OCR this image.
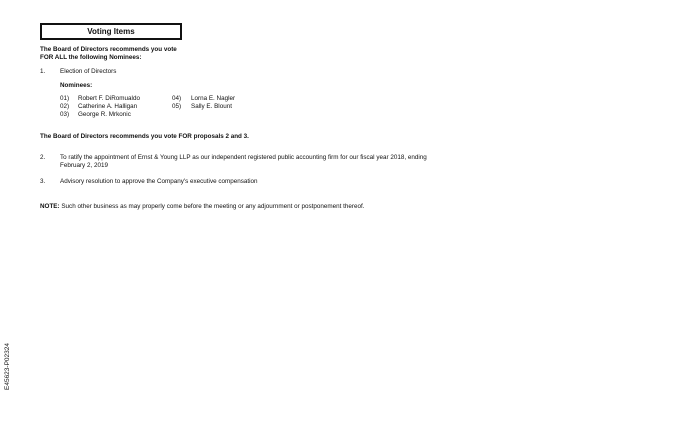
Voting Items
The Board of Directors recommends you vote
FOR ALL the following Nominees:
1. Election of Directors
Nominees:
01) Robert F. DiRomualdo
02) Catherine A. Halligan
03) George R. Mrkonic
04) Lorna E. Nagler
05) Sally E. Blount
The Board of Directors recommends you vote FOR proposals 2 and 3.
2. To ratify the appointment of Ernst & Young LLP as our independent registered public accounting firm for our fiscal year 2018, ending
February 2, 2019
3. Advisory resolution to approve the Company's executive compensation
NOTE: Such other business as may properly come before the meeting or any adjournment or postponement thereof.
E45623-P02324
